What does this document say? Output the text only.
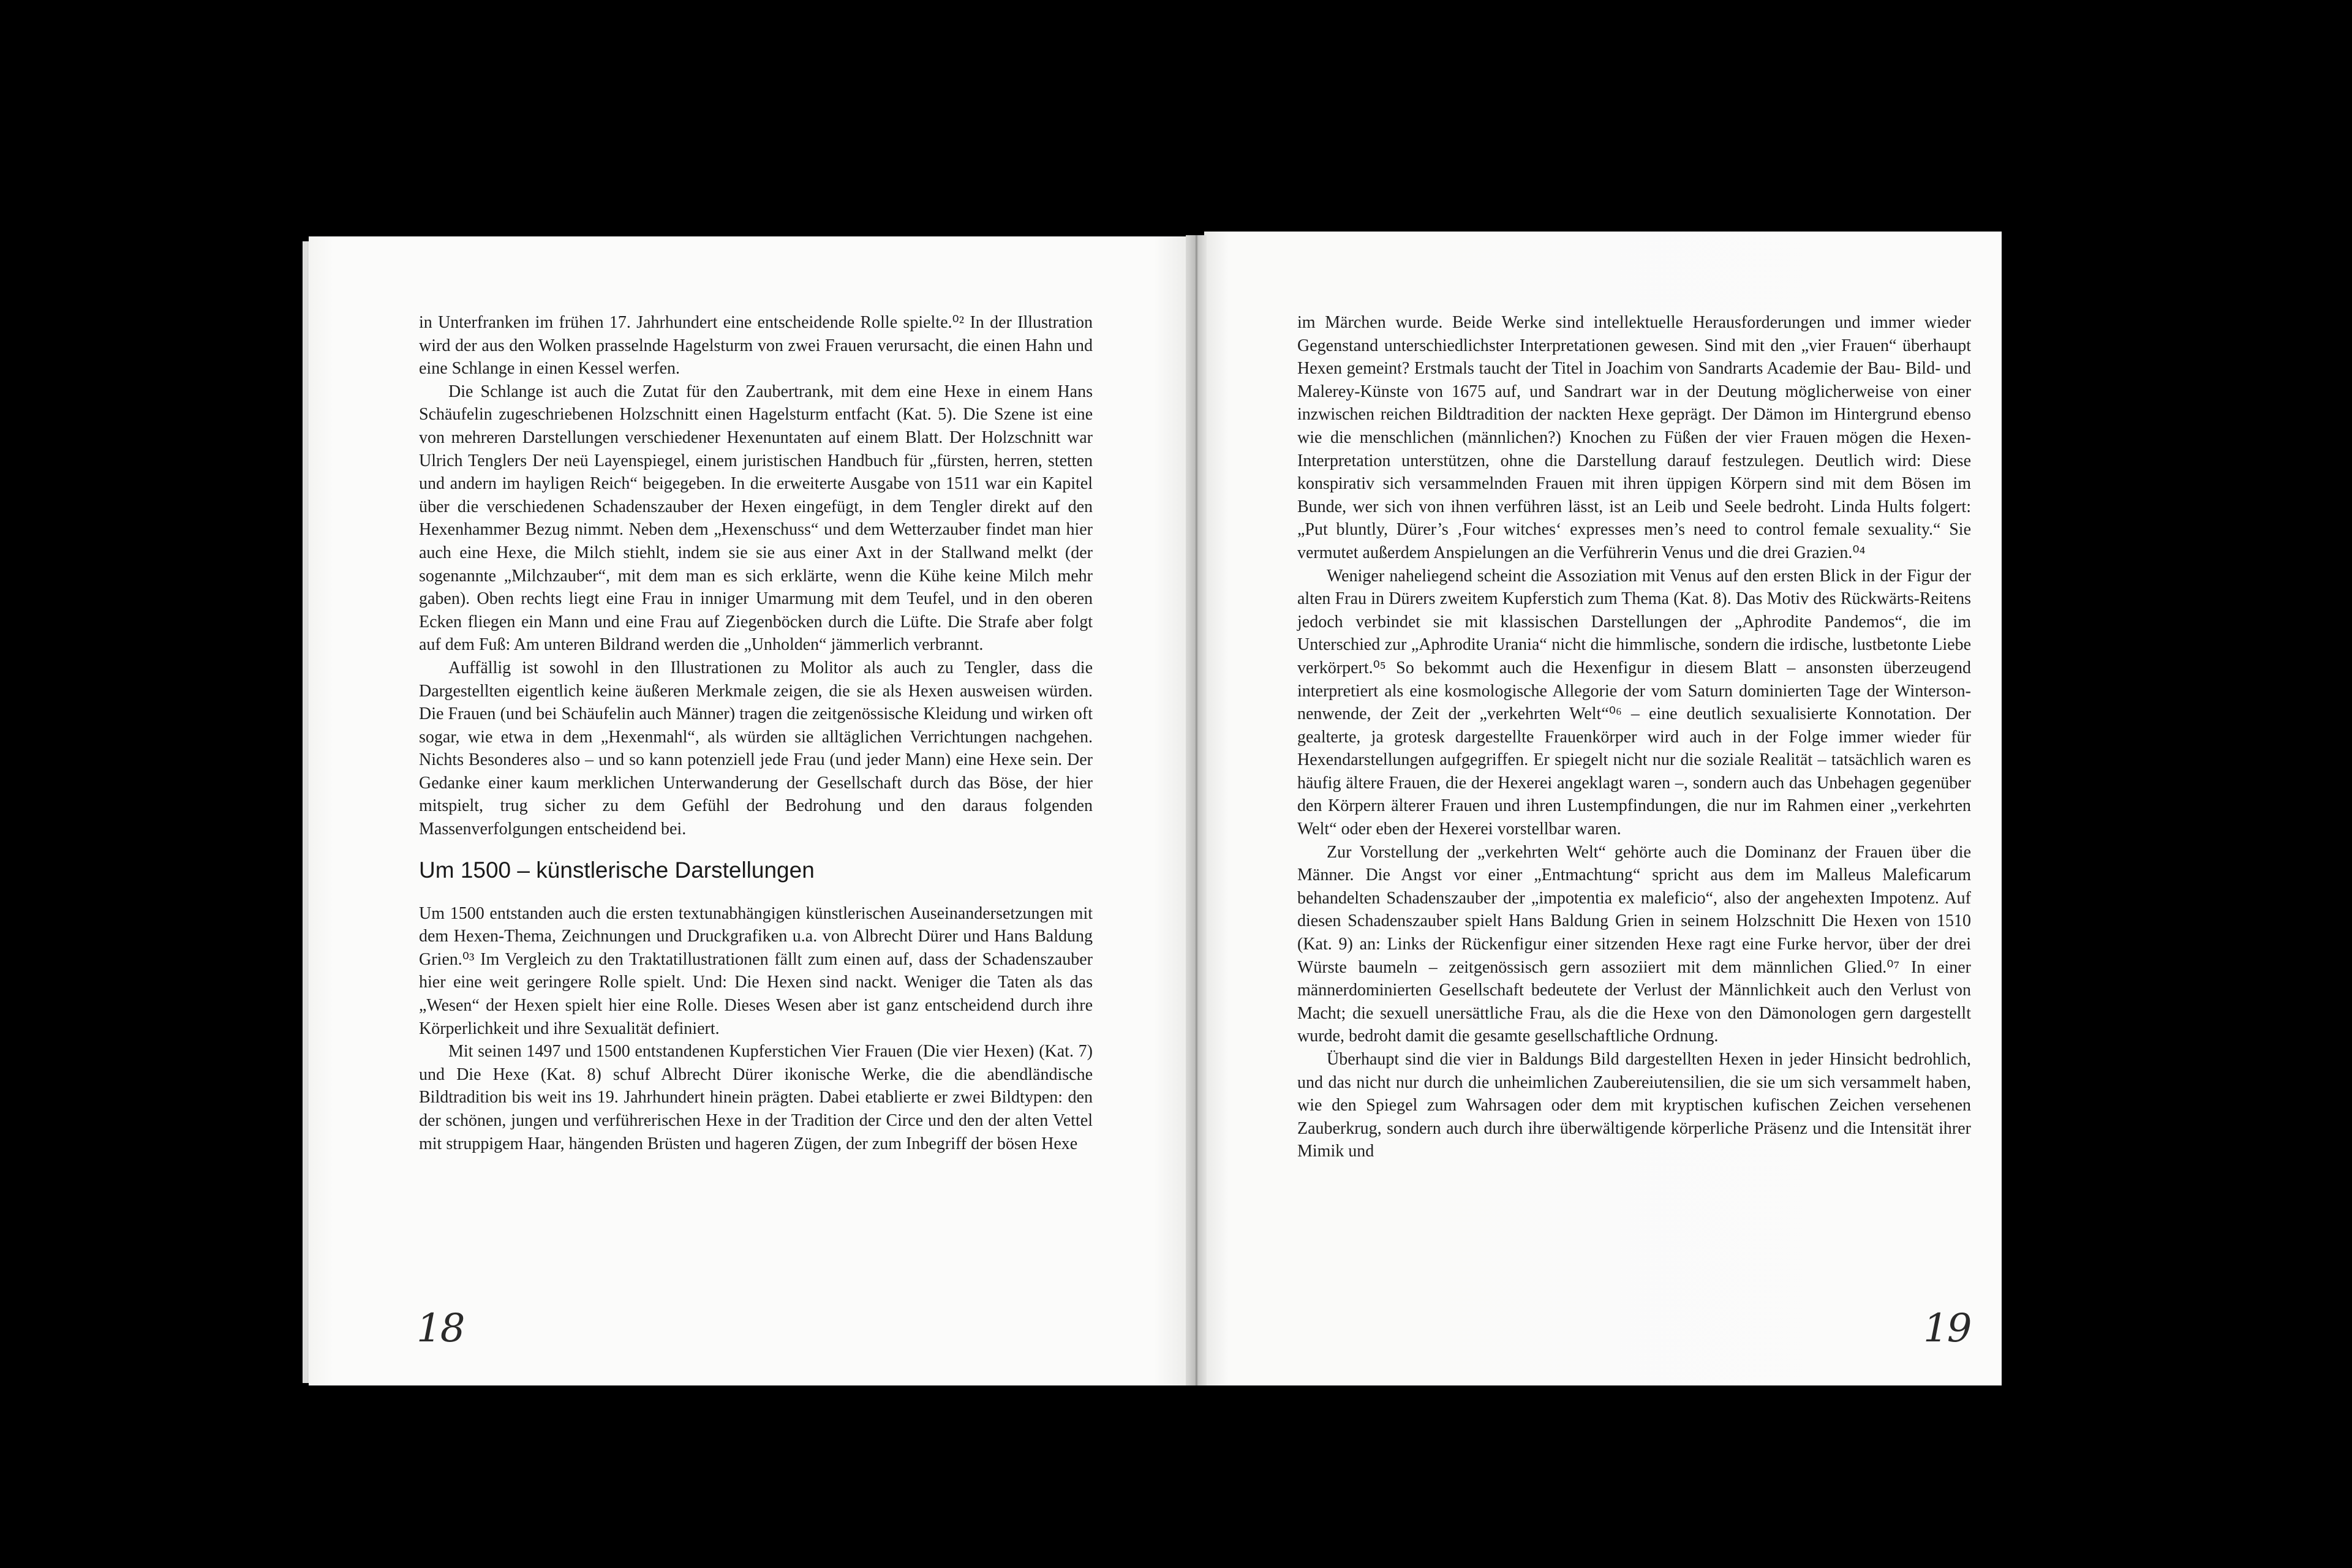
in Unterfranken im frühen 17. Jahrhundert eine entscheidende Rolle spielte.⁰² In der Illustration wird der aus den Wolken prasselnde Hagelsturm von zwei Frauen verursacht, die einen Hahn und eine Schlange in einen Kessel werfen.

Die Schlange ist auch die Zutat für den Zaubertrank, mit dem eine Hexe in einem Hans Schäufelin zugeschriebenen Holzschnitt einen Hagelsturm entfacht (Kat. 5). Die Szene ist eine von mehreren Darstellungen verschiedener Hexenuntaten auf einem Blatt. Der Holzschnitt war Ulrich Tenglers Der neü Layenspiegel, einem juristischen Handbuch für „fürsten, herren, stetten und andern im hayligen Reich“ beigegeben. In die erweiterte Ausgabe von 1511 war ein Kapitel über die verschiedenen Schadenszauber der Hexen eingefügt, in dem Tengler direkt auf den Hexenhammer Bezug nimmt. Neben dem „Hexenschuss“ und dem Wetterzauber findet man hier auch eine Hexe, die Milch stiehlt, indem sie sie aus einer Axt in der Stallwand melkt (der sogenannte „Milchzauber“, mit dem man es sich erklärte, wenn die Kühe keine Milch mehr gaben). Oben rechts liegt eine Frau in inniger Umarmung mit dem Teufel, und in den oberen Ecken fliegen ein Mann und eine Frau auf Ziegenböcken durch die Lüfte. Die Strafe aber folgt auf dem Fuß: Am unteren Bildrand werden die „Unholden“ jämmerlich verbrannt.

Auffällig ist sowohl in den Illustrationen zu Molitor als auch zu Tengler, dass die Dargestellten eigentlich keine äußeren Merkmale zeigen, die sie als Hexen ausweisen würden. Die Frauen (und bei Schäufelin auch Männer) tragen die zeitgenössische Kleidung und wirken oft sogar, wie etwa in dem „Hexenmahl“, als würden sie alltäglichen Verrichtungen nachgehen. Nichts Besonderes also – und so kann potenziell jede Frau (und jeder Mann) eine Hexe sein. Der Gedanke einer kaum merklichen Unterwanderung der Gesellschaft durch das Böse, der hier mitspielt, trug sicher zu dem Gefühl der Bedrohung und den daraus folgenden Massenverfolgungen entscheidend bei.

Um 1500 – künstlerische Darstellungen

Um 1500 entstanden auch die ersten textunabhängigen künstlerischen Auseinandersetzungen mit dem Hexen-Thema, Zeichnungen und Druckgrafiken u.a. von Albrecht Dürer und Hans Baldung Grien.⁰³ Im Vergleich zu den Traktatillustrationen fällt zum einen auf, dass der Schadenszauber hier eine weit geringere Rolle spielt. Und: Die Hexen sind nackt. Weniger die Taten als das „Wesen“ der Hexen spielt hier eine Rolle. Dieses Wesen aber ist ganz entscheidend durch ihre Körperlichkeit und ihre Sexualität definiert.

Mit seinen 1497 und 1500 entstandenen Kupferstichen Vier Frauen (Die vier Hexen) (Kat. 7) und Die Hexe (Kat. 8) schuf Albrecht Dürer ikonische Werke, die die abendländische Bildtradition bis weit ins 19. Jahrhundert hinein prägten. Dabei etablierte er zwei Bildtypen: den der schönen, jungen und verführerischen Hexe in der Tradition der Circe und den der alten Vettel mit struppigem Haar, hängenden Brüsten und hageren Zügen, der zum Inbegriff der bösen Hexe

im Märchen wurde. Beide Werke sind intellektuelle Herausforderungen und immer wieder Gegenstand unterschiedlichster Interpretationen gewesen. Sind mit den „vier Frauen“ überhaupt Hexen gemeint? Erstmals taucht der Titel in Joachim von Sandrarts Academie der Bau- Bild- und Malerey-Künste von 1675 auf, und Sandrart war in der Deutung möglicherweise von einer inzwischen reichen Bildtradition der nackten Hexe geprägt. Der Dämon im Hintergrund ebenso wie die menschlichen (männlichen?) Knochen zu Füßen der vier Frauen mögen die Hexen-Interpretation unterstützen, ohne die Darstellung darauf festzulegen. Deutlich wird: Diese konspirativ sich versammelnden Frauen mit ihren üppigen Körpern sind mit dem Bösen im Bunde, wer sich von ihnen verführen lässt, ist an Leib und Seele bedroht. Linda Hults folgert: „Put bluntly, Dürer’s ‚Four witches‘ expresses men’s need to control female sexuality.“ Sie vermutet außerdem Anspielungen an die Verführerin Venus und die drei Grazien.⁰⁴

Weniger naheliegend scheint die Assoziation mit Venus auf den ersten Blick in der Figur der alten Frau in Dürers zweitem Kupferstich zum Thema (Kat. 8). Das Motiv des Rückwärts-Reitens jedoch verbindet sie mit klassischen Darstellungen der „Aphrodite Pandemos“, die im Unterschied zur „Aphrodite Urania“ nicht die himmlische, sondern die irdische, lustbetonte Liebe verkörpert.⁰⁵ So bekommt auch die Hexenfigur in diesem Blatt – ansonsten überzeugend interpretiert als eine kosmologische Allegorie der vom Saturn dominierten Tage der Winterson-nenwende, der Zeit der „verkehrten Welt“⁰⁶ – eine deutlich sexualisierte Konnotation. Der gealterte, ja grotesk dargestellte Frauenkörper wird auch in der Folge immer wieder für Hexendarstellungen aufgegriffen. Er spiegelt nicht nur die soziale Realität – tatsächlich waren es häufig ältere Frauen, die der Hexerei angeklagt waren –, sondern auch das Unbehagen gegenüber den Körpern älterer Frauen und ihren Lustempfindungen, die nur im Rahmen einer „verkehrten Welt“ oder eben der Hexerei vorstellbar waren.

Zur Vorstellung der „verkehrten Welt“ gehörte auch die Dominanz der Frauen über die Männer. Die Angst vor einer „Entmachtung“ spricht aus dem im Malleus Maleficarum behandelten Schadenszauber der „impotentia ex maleficio“, also der angehexten Impotenz. Auf diesen Schadenszauber spielt Hans Baldung Grien in seinem Holzschnitt Die Hexen von 1510 (Kat. 9) an: Links der Rückenfigur einer sitzenden Hexe ragt eine Furke hervor, über der drei Würste baumeln – zeitgenössisch gern assoziiert mit dem männlichen Glied.⁰⁷ In einer männerdominierten Gesellschaft bedeutete der Verlust der Männlichkeit auch den Verlust von Macht; die sexuell unersättliche Frau, als die die Hexe von den Dämonologen gern dargestellt wurde, bedroht damit die gesamte gesellschaftliche Ordnung.

Überhaupt sind die vier in Baldungs Bild dargestellten Hexen in jeder Hinsicht bedrohlich, und das nicht nur durch die unheimlichen Zaubereiutensilien, die sie um sich versammelt haben, wie den Spiegel zum Wahrsagen oder dem mit kryptischen kufischen Zeichen versehenen Zauberkrug, sondern auch durch ihre überwältigende körperliche Präsenz und die Intensität ihrer Mimik und

18	19
